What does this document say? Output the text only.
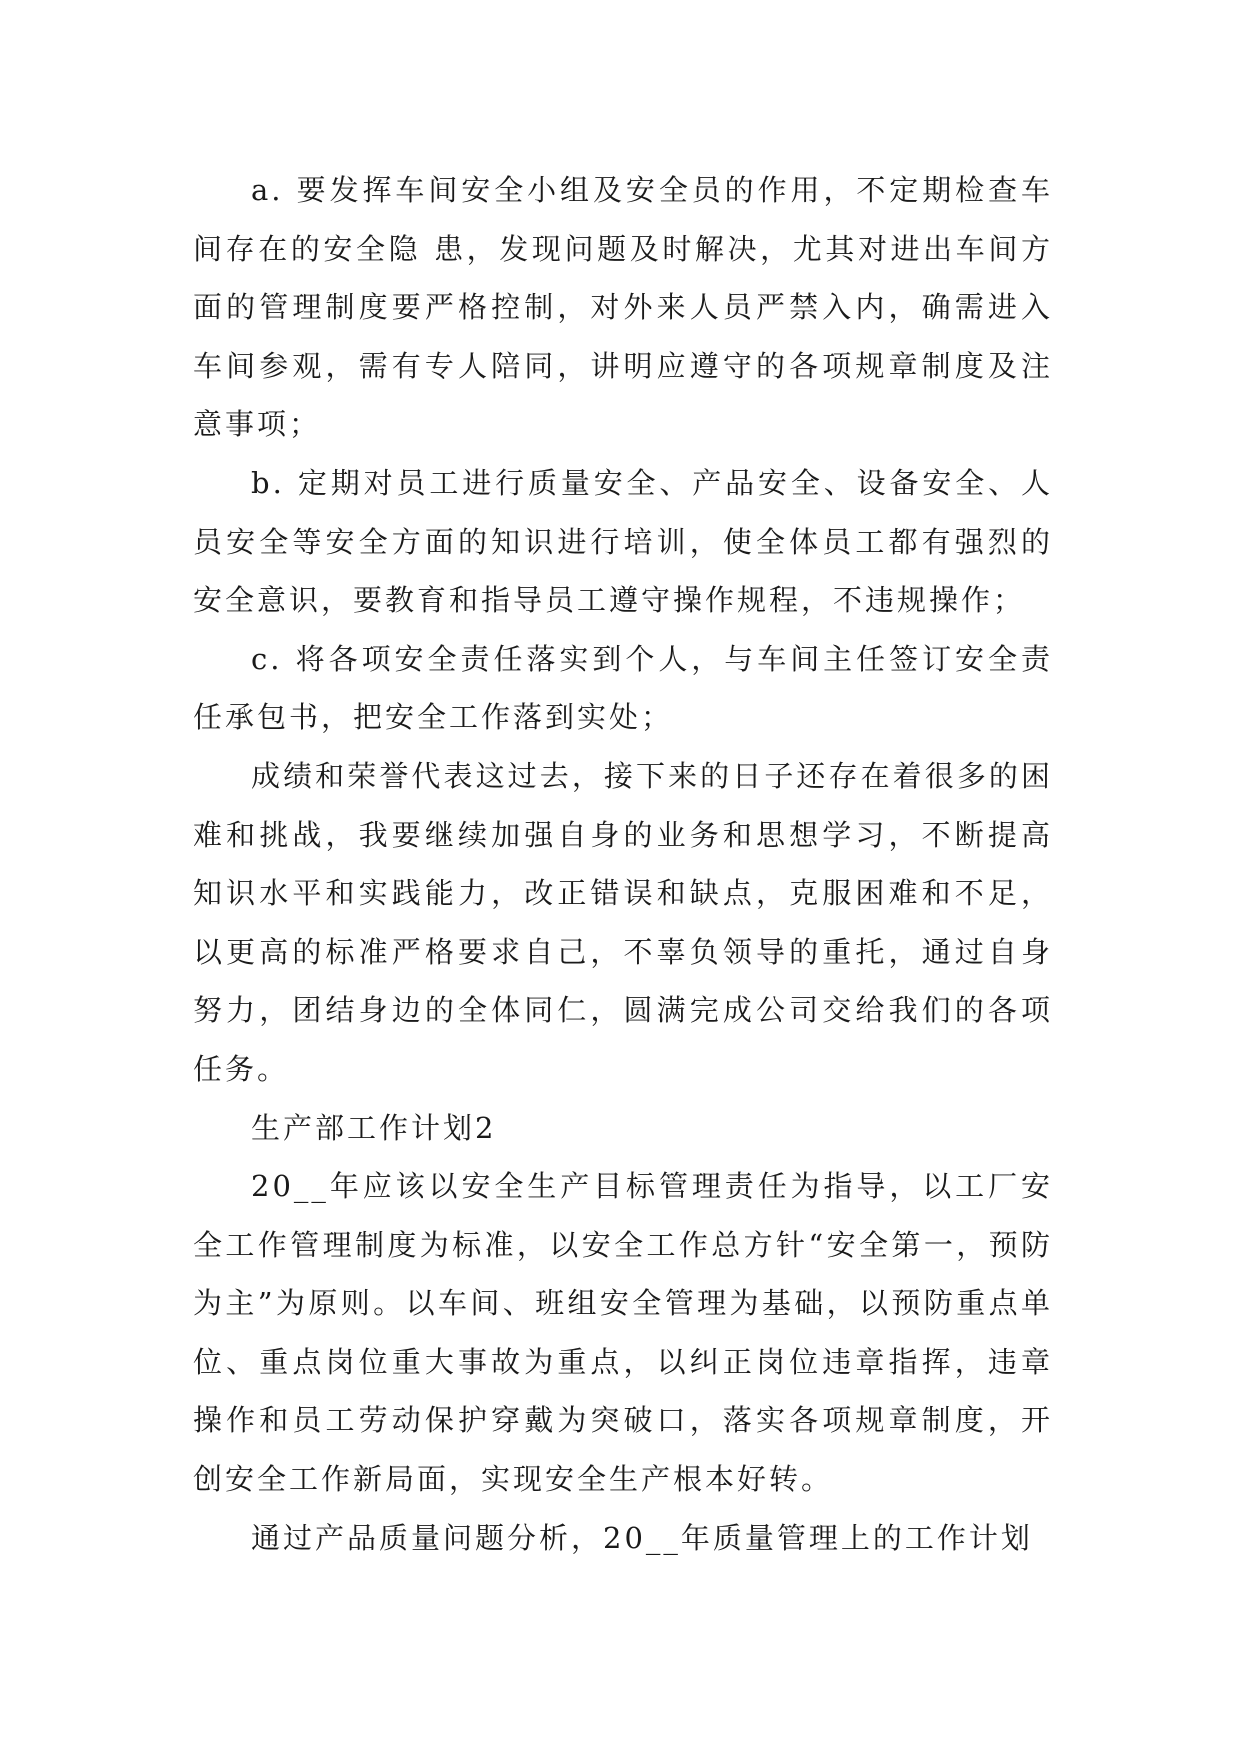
a. 要发挥车间安全小组及安全员的作用，不定期检查车间存在的安全隐 患，发现问题及时解决，尤其对进出车间方面的管理制度要严格控制，对外来人员严禁入内，确需进入车间参观，需有专人陪同，讲明应遵守的各项规章制度及注意事项；

b. 定期对员工进行质量安全、产品安全、设备安全、人员安全等安全方面的知识进行培训，使全体员工都有强烈的安全意识，要教育和指导员工遵守操作规程，不违规操作；

c. 将各项安全责任落实到个人，与车间主任签订安全责任承包书，把安全工作落到实处；

成绩和荣誉代表这过去，接下来的日子还存在着很多的困难和挑战，我要继续加强自身的业务和思想学习，不断提高知识水平和实践能力，改正错误和缺点，克服困难和不足，以更高的标准严格要求自己，不辜负领导的重托，通过自身努力，团结身边的全体同仁，圆满完成公司交给我们的各项任务。

生产部工作计划2

20__年应该以安全生产目标管理责任为指导，以工厂安全工作管理制度为标准，以安全工作总方针“安全第一，预防为主”为原则。以车间、班组安全管理为基础，以预防重点单位、重点岗位重大事故为重点，以纠正岗位违章指挥，违章操作和员工劳动保护穿戴为突破口，落实各项规章制度，开创安全工作新局面，实现安全生产根本好转。

通过产品质量问题分析，20__年质量管理上的工作计划
